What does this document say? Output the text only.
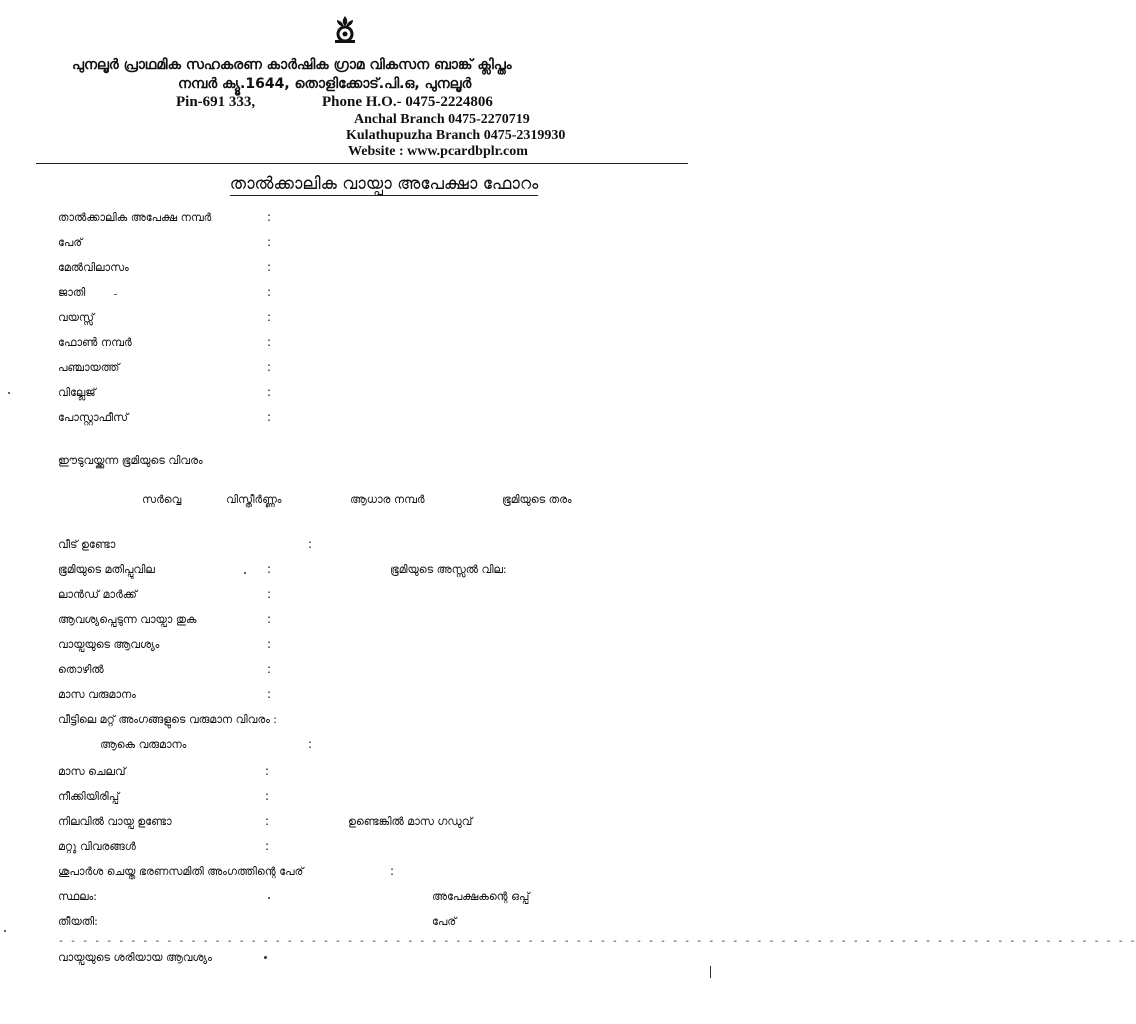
പുനലൂർ പ്രാഥമിക സഹകരണ കാർഷിക ഗ്രാമ വികസന ബാങ്ക് ക്ലിപ്തം
നമ്പർ ക്യൂ.1644, തൊളിക്കോട്.പി.ഒ, പുനലൂർ
Pin-691 333,	Phone H.O.- 0475-2224806
Anchal Branch 0475-2270719
Kulathupuzha Branch 0475-2319930
Website : www.pcardbplr.com
താൽക്കാലിക വായ്പാ അപേക്ഷാ ഫോറം
താൽക്കാലിക അപേക്ഷ നമ്പർ	:
പേര്	:
മേൽവിലാസം	:
ജാതി	:
വയസ്സ്	:
ഫോൺ നമ്പർ	:
പഞ്ചായത്ത്	:
വില്ലേജ്	:
പോസ്റ്റാഫീസ്	:
ഈടുവയ്ക്കുന്ന ഭൂമിയുടെ വിവരം
സർവ്വെ	വിസ്തീർണ്ണം	ആധാര നമ്പർ	ഭൂമിയുടെ തരം
വീട് ഉണ്ടോ	:
ഭൂമിയുടെ മതിപ്പുവില	:	ഭൂമിയുടെ അസ്സൽ വില:
ലാൻഡ് മാർക്ക്	:
ആവശ്യപ്പെടുന്ന വായ്പാ തുക	:
വായ്പയുടെ ആവശ്യം	:
തൊഴിൽ	:
മാസ വരുമാനം	:
വീട്ടിലെ മറ്റ് അംഗങ്ങളുടെ വരുമാന വിവരം :
ആകെ വരുമാനം	:
മാസ ചെലവ്	:
നീക്കിയിരിപ്പ്	:
നിലവിൽ വായ്പ ഉണ്ടോ	:	ഉണ്ടെങ്കിൽ മാസ ഗഡുവ്
മറ്റു വിവരങ്ങൾ	:
ശുപാർശ ചെയ്ത ഭരണസമിതി അംഗത്തിന്റെ പേര്	:
സ്ഥലം:	അപേക്ഷകന്റെ ഒപ്പ്
തീയതി:	പേര്
- - - - - - - - - - - - - - - - - - - - - - - - - - - - - - - - - - - - - - - - - - - - - - - - - - - - - - - - - - - - - - - - - - - - - - - - - - - - - - - - - - - - - - - - - -
വായ്പയുടെ ശരിയായ ആവശ്യം
